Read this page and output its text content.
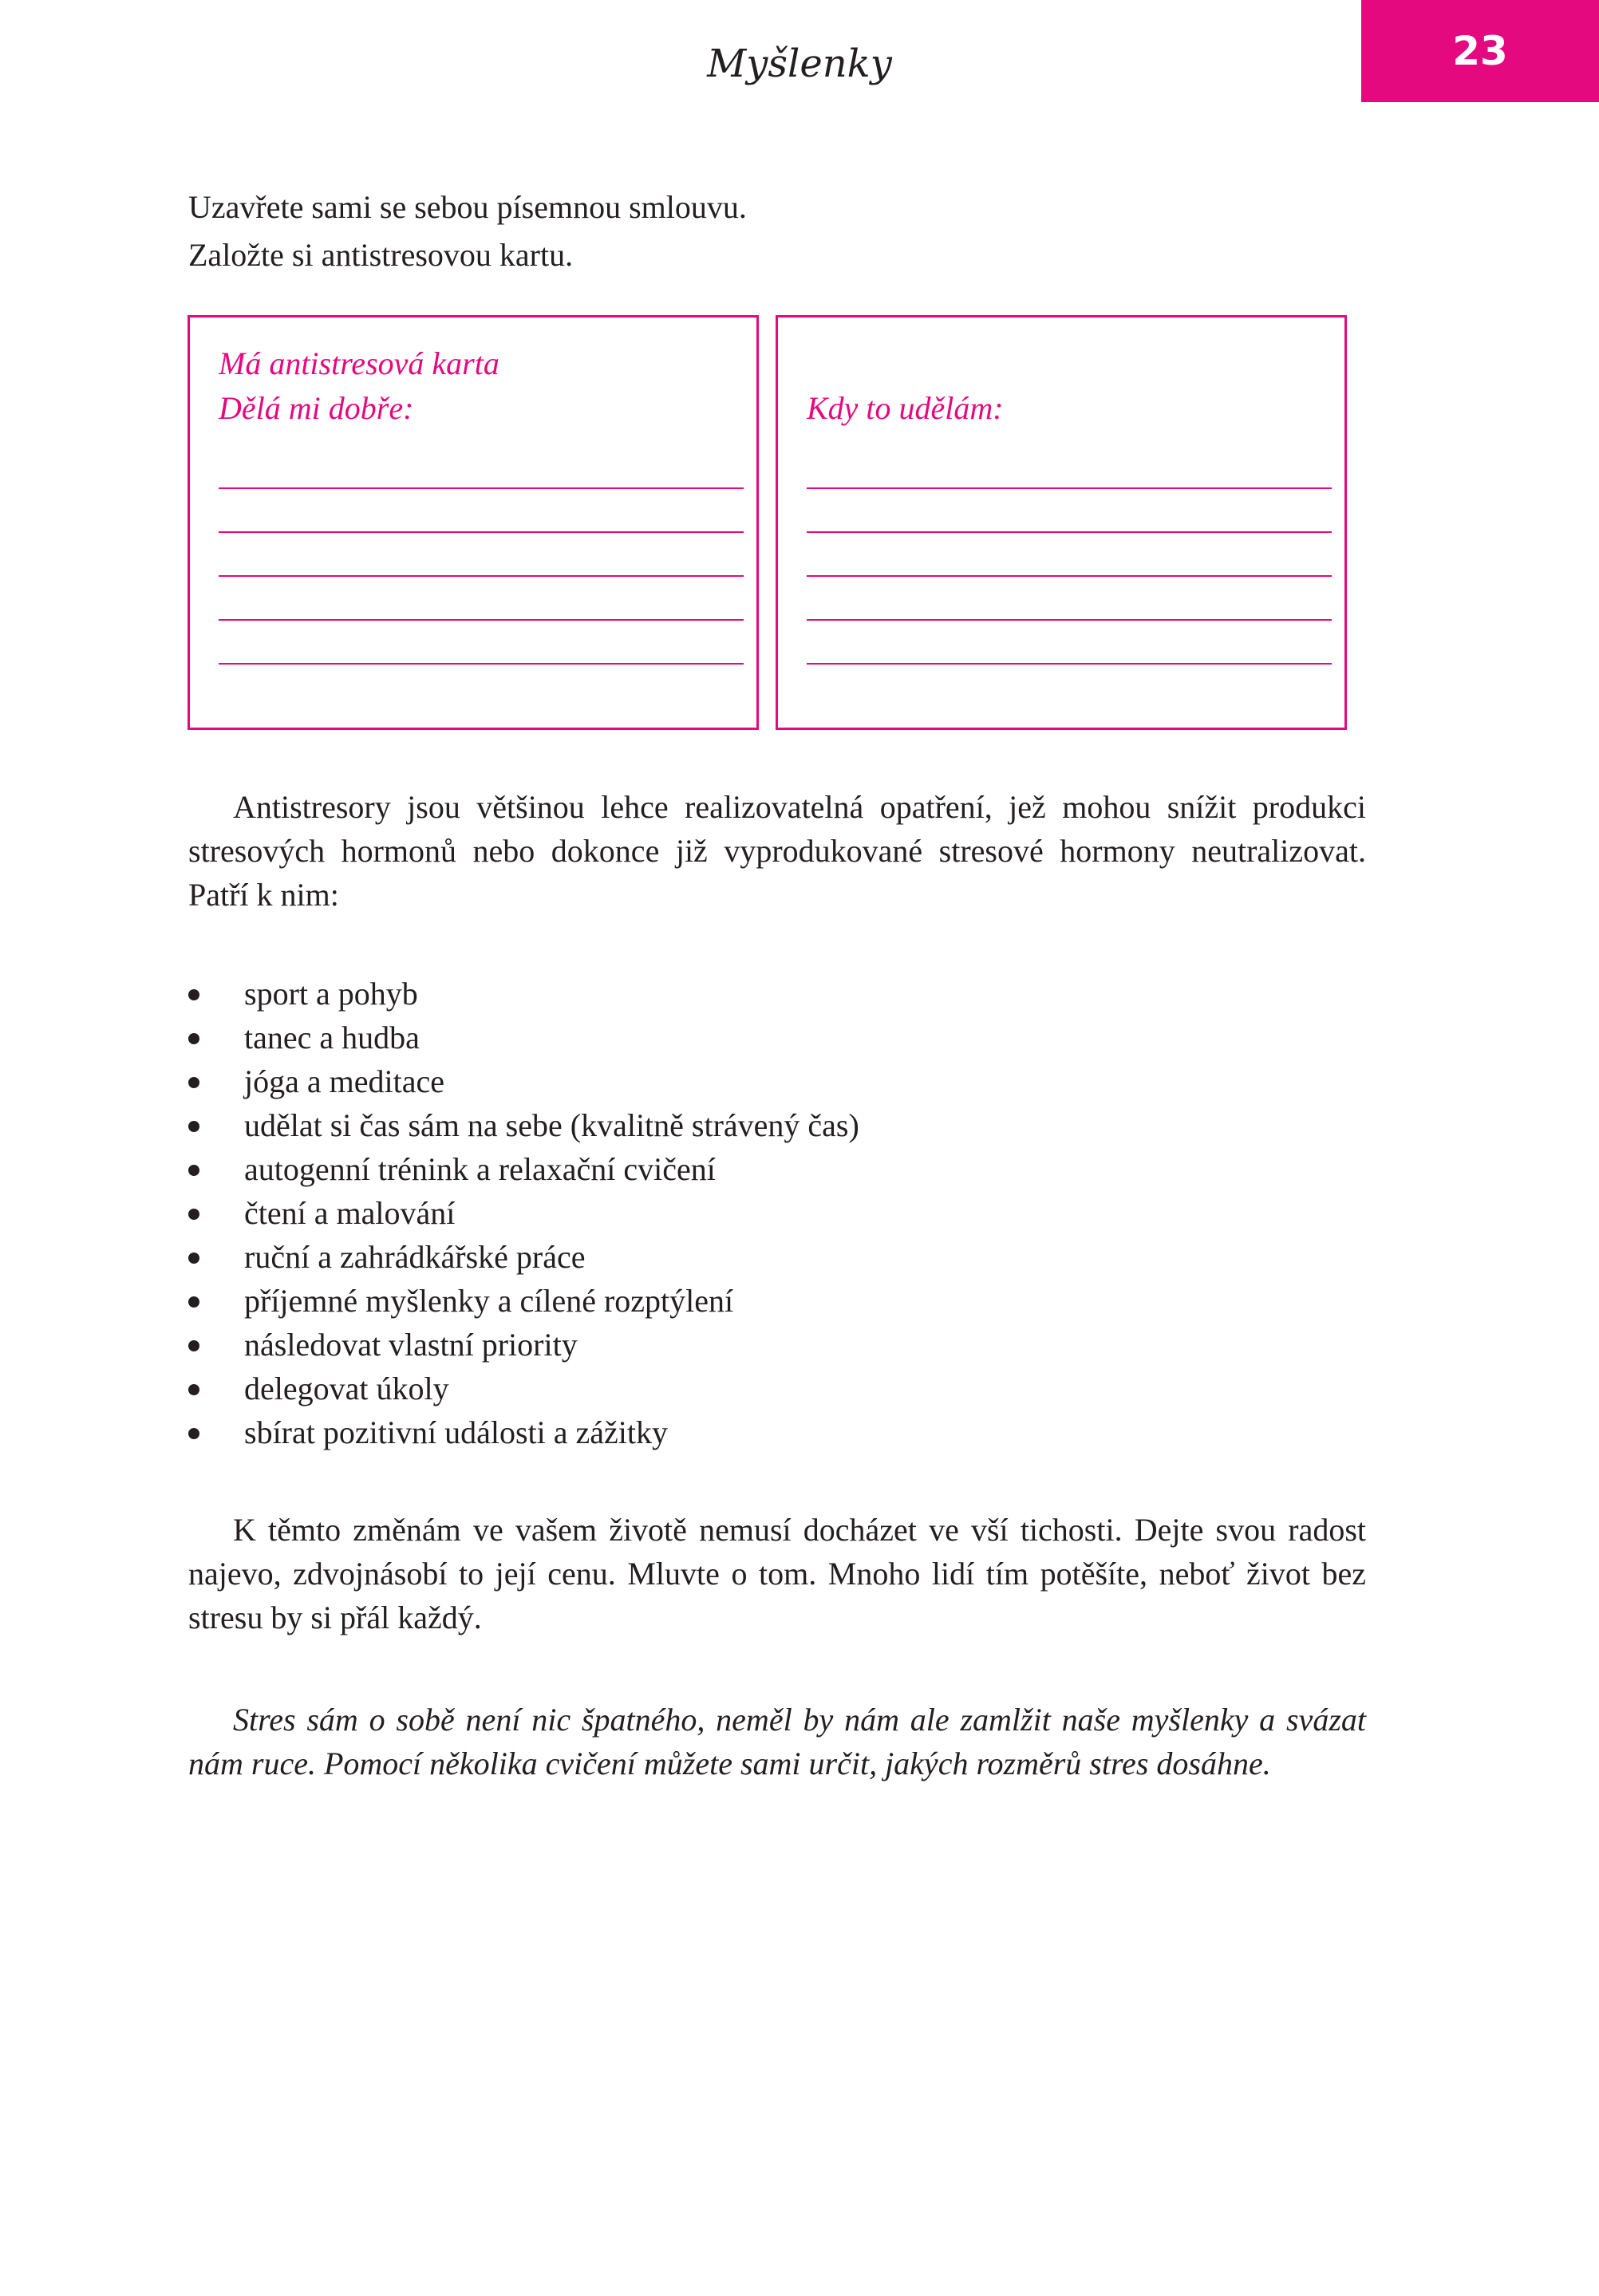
23
Myšlenky

Uzavřete sami se sebou písemnou smlouvu.

Založte si antistresovou kartu.

Má antistresová karta

Dělá mi dobře:	Kdy to udělám:

Antistresory jsou většinou lehce realizovatelná opatření, jež mohou snížit produkci stresových hormonů nebo dokonce již vyprodukované stresové hormony neutralizovat. Patří k nim:

sport a pohyb
tanec a hudba
jóga a meditace
udělat si čas sám na sebe (kvalitně strávený čas)
autogenní trénink a relaxační cvičení
čtení a malování
ruční a zahrádkářské práce
příjemné myšlenky a cílené rozptýlení
následovat vlastní priority
delegovat úkoly
sbírat pozitivní události a zážitky

K těmto změnám ve vašem životě nemusí docházet ve vší tichosti. Dejte svou radost najevo, zdvojnásobí to její cenu. Mluvte o tom. Mnoho lidí tím potěšíte, neboť život bez stresu by si přál každý.

Stres sám o sobě není nic špatného, neměl by nám ale zamlžit naše myšlenky a svázat nám ruce. Pomocí několika cvičení můžete sami určit, jakých rozměrů stres dosáhne.
